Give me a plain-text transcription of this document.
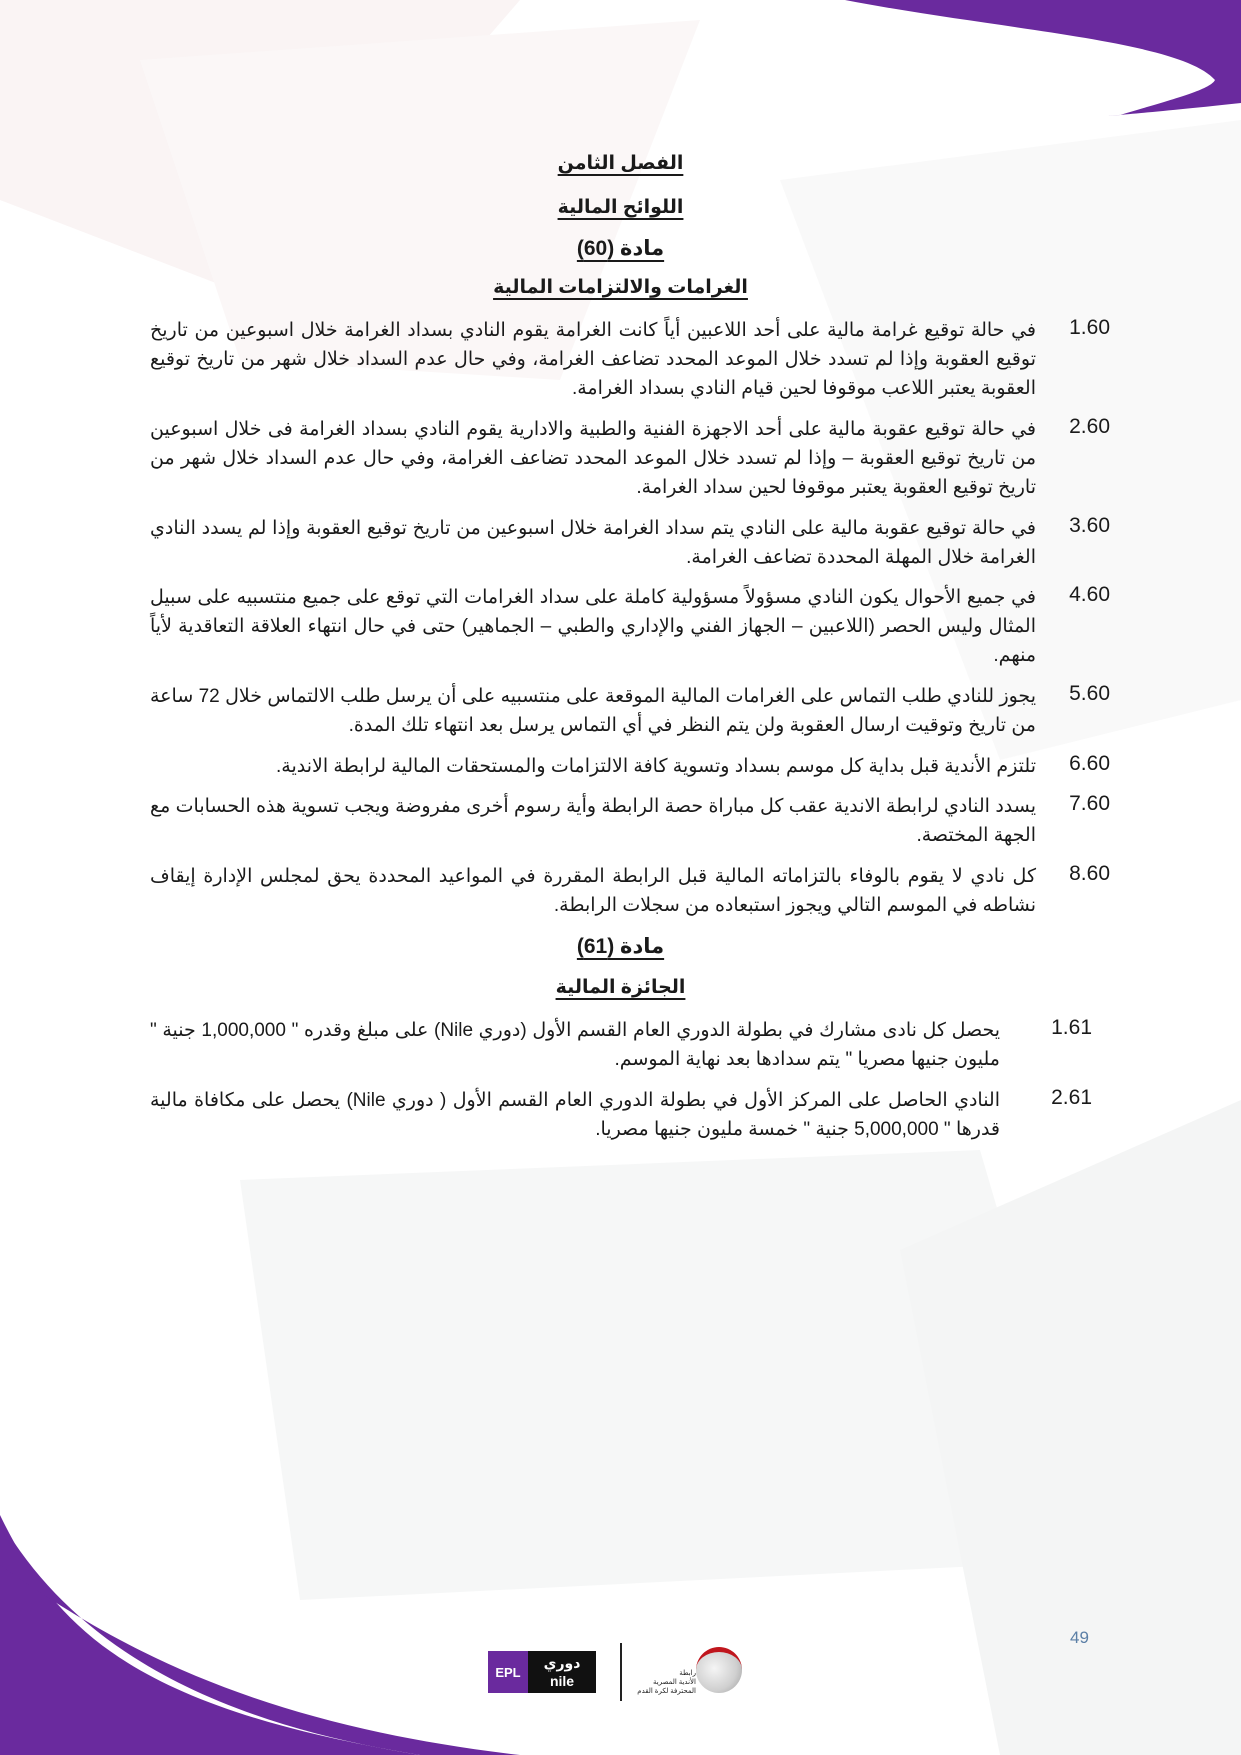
الفصل الثامن
اللوائح المالية
مادة (60)
الغرامات والالتزامات المالية
1.60
في حالة توقيع غرامة مالية على أحد اللاعبين أياً كانت الغرامة يقوم النادي بسداد الغرامة خلال اسبوعين من تاريخ توقيع العقوبة وإذا لم تسدد خلال الموعد المحدد تضاعف الغرامة، وفي حال عدم السداد خلال شهر من تاريخ توقيع العقوبة يعتبر اللاعب موقوفا لحين قيام النادي بسداد الغرامة.
2.60
في حالة توقيع عقوبة مالية على أحد الاجهزة الفنية والطبية والادارية يقوم النادي بسداد الغرامة فى خلال اسبوعين من تاريخ توقيع العقوبة – وإذا لم تسدد خلال الموعد المحدد تضاعف الغرامة، وفي حال عدم السداد خلال شهر من تاريخ توقيع العقوبة يعتبر موقوفا لحين سداد الغرامة.
3.60
في حالة توقيع عقوبة مالية على النادي يتم سداد الغرامة خلال اسبوعين من تاريخ توقيع العقوبة وإذا لم يسدد النادي الغرامة خلال المهلة المحددة تضاعف الغرامة.
4.60
في جميع الأحوال يكون النادي مسؤولاً مسؤولية كاملة على سداد الغرامات التي توقع على جميع منتسبيه على سبيل المثال وليس الحصر (اللاعبين – الجهاز الفني والإداري والطبي – الجماهير) حتى في حال انتهاء العلاقة التعاقدية لأياً منهم.
5.60
يجوز للنادي طلب التماس على الغرامات المالية الموقعة على منتسبيه على أن يرسل طلب الالتماس خلال 72 ساعة من تاريخ وتوقيت ارسال العقوبة ولن يتم النظر في أي التماس يرسل بعد انتهاء تلك المدة.
6.60
تلتزم الأندية قبل بداية كل موسم بسداد وتسوية كافة الالتزامات والمستحقات المالية لرابطة الاندية.
7.60
يسدد النادي لرابطة الاندية عقب كل مباراة حصة الرابطة وأية رسوم أخرى مفروضة ويجب تسوية هذه الحسابات مع الجهة المختصة.
8.60
كل نادي لا يقوم بالوفاء بالتزاماته المالية قبل الرابطة المقررة في المواعيد المحددة يحق لمجلس الإدارة إيقاف نشاطه في الموسم التالي ويجوز استبعاده من سجلات الرابطة.
مادة (61)
الجائزة المالية
1.61
يحصل كل نادى مشارك في بطولة الدوري العام القسم الأول (دوري Nile) على مبلغ وقدره " 1,000,000 جنية " مليون جنيها مصريا " يتم سدادها بعد نهاية الموسم.
2.61
النادي الحاصل على المركز الأول في بطولة الدوري العام القسم الأول ( دوري Nile) يحصل على مكافاة مالية قدرها " 5,000,000 جنية " خمسة مليون جنيها مصريا.
49
EPL
دوري
nile	رابطة
الأندية المصرية
المحترفة لكرة القدم
